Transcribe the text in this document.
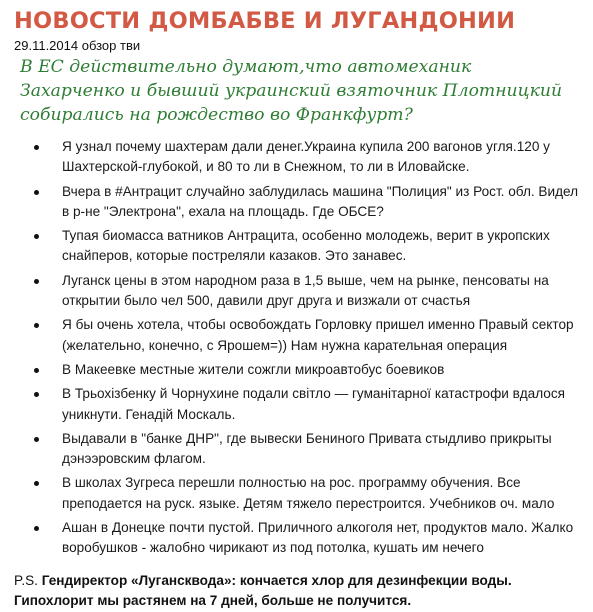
НОВОСТИ ДОМБАБВЕ И ЛУГАНДОНИИ
29.11.2014 обзор тви
В ЕС действительно думают,что автомеханик Захарченко и бывший украинский взяточник Плотницкий собирались на рождество во Франкфурт?
Я узнал почему шахтерам дали денег.Украина купила 200 вагонов угля.120 у Шахтерской-глубокой, и 80 то ли в Снежном, то ли в Иловайске.
Вчера в #Антрацит случайно заблудилась машина "Полиция" из Рост. обл. Видел в р-не "Электрона", ехала на площадь. Где ОБСЕ?
Тупая биомасса ватников Антрацита, особенно молодежь, верит в укропских снайперов, которые постреляли казаков. Это занавес.
Луганск цены в этом народном раза в 1,5 выше, чем на рынке, пенсоваты на открытии было чел 500, давили друг друга и визжали от счастья
Я бы очень хотела, чтобы освобождать Горловку пришел именно Правый сектор (желательно, конечно, с Ярошем=)) Нам нужна карательная операция
В Макеевке местные жители сожгли микроавтобус боевиков
В Трьохізбенку й Чорнухине подали світло — гуманітарної катастрофи вдалося уникнути. Генадій Москаль.
Выдавали в "банке ДНР", где вывески Бениного Привата стыдливо прикрыты дэнээровским флагом.
В школах Зугреса перешли полностью на рос. программу обучения. Все преподается на руск. языке. Детям тяжело перестроится. Учебников оч. мало
Ашан в Донецке почти пустой. Приличного алкоголя нет, продуктов мало. Жалко воробушков - жалобно чирикают из под потолка, кушать им нечего
P.S. Гендиректор «Лугансквода»: кончается хлор для дезинфекции воды. Гипохлорит мы растянем на 7 дней, больше не получится.
